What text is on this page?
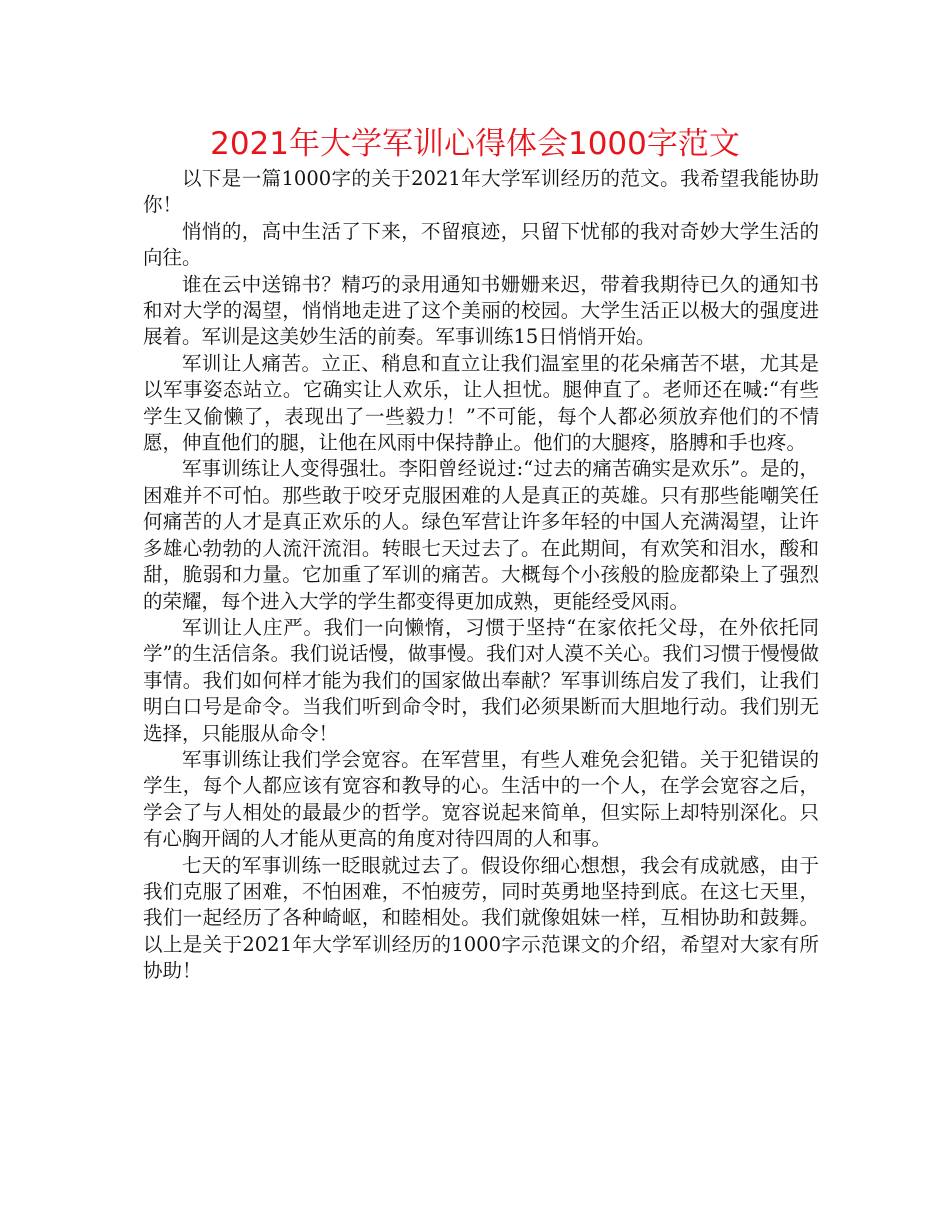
2021年大学军训心得体会1000字范文

以下是一篇1000字的关于2021年大学军训经历的范文。我希望我能协助你！

悄悄的，高中生活了下来，不留痕迹，只留下忧郁的我对奇妙大学生活的向往。

谁在云中送锦书？精巧的录用通知书姗姗来迟，带着我期待已久的通知书和对大学的渴望，悄悄地走进了这个美丽的校园。大学生活正以极大的强度进展着。军训是这美妙生活的前奏。军事训练15日悄悄开始。

军训让人痛苦。立正、稍息和直立让我们温室里的花朵痛苦不堪，尤其是以军事姿态站立。它确实让人欢乐，让人担忧。腿伸直了。老师还在喊:“有些学生又偷懒了，表现出了一些毅力！”不可能，每个人都必须放弃他们的不情愿，伸直他们的腿，让他在风雨中保持静止。他们的大腿疼，胳膊和手也疼。

军事训练让人变得强壮。李阳曾经说过:“过去的痛苦确实是欢乐”。是的，困难并不可怕。那些敢于咬牙克服困难的人是真正的英雄。只有那些能嘲笑任何痛苦的人才是真正欢乐的人。绿色军营让许多年轻的中国人充满渴望，让许多雄心勃勃的人流汗流泪。转眼七天过去了。在此期间，有欢笑和泪水，酸和甜，脆弱和力量。它加重了军训的痛苦。大概每个小孩般的脸庞都染上了强烈的荣耀，每个进入大学的学生都变得更加成熟，更能经受风雨。

军训让人庄严。我们一向懒惰，习惯于坚持“在家依托父母，在外依托同学”的生活信条。我们说话慢，做事慢。我们对人漠不关心。我们习惯于慢慢做事情。我们如何样才能为我们的国家做出奉献？军事训练启发了我们，让我们明白口号是命令。当我们听到命令时，我们必须果断而大胆地行动。我们别无选择，只能服从命令！

军事训练让我们学会宽容。在军营里，有些人难免会犯错。关于犯错误的学生，每个人都应该有宽容和教导的心。生活中的一个人，在学会宽容之后，学会了与人相处的最最少的哲学。宽容说起来简单，但实际上却特别深化。只有心胸开阔的人才能从更高的角度对待四周的人和事。

七天的军事训练一眨眼就过去了。假设你细心想想，我会有成就感，由于我们克服了困难，不怕困难，不怕疲劳，同时英勇地坚持到底。在这七天里，我们一起经历了各种崎岖，和睦相处。我们就像姐妹一样，互相协助和鼓舞。以上是关于2021年大学军训经历的1000字示范课文的介绍，希望对大家有所协助！
